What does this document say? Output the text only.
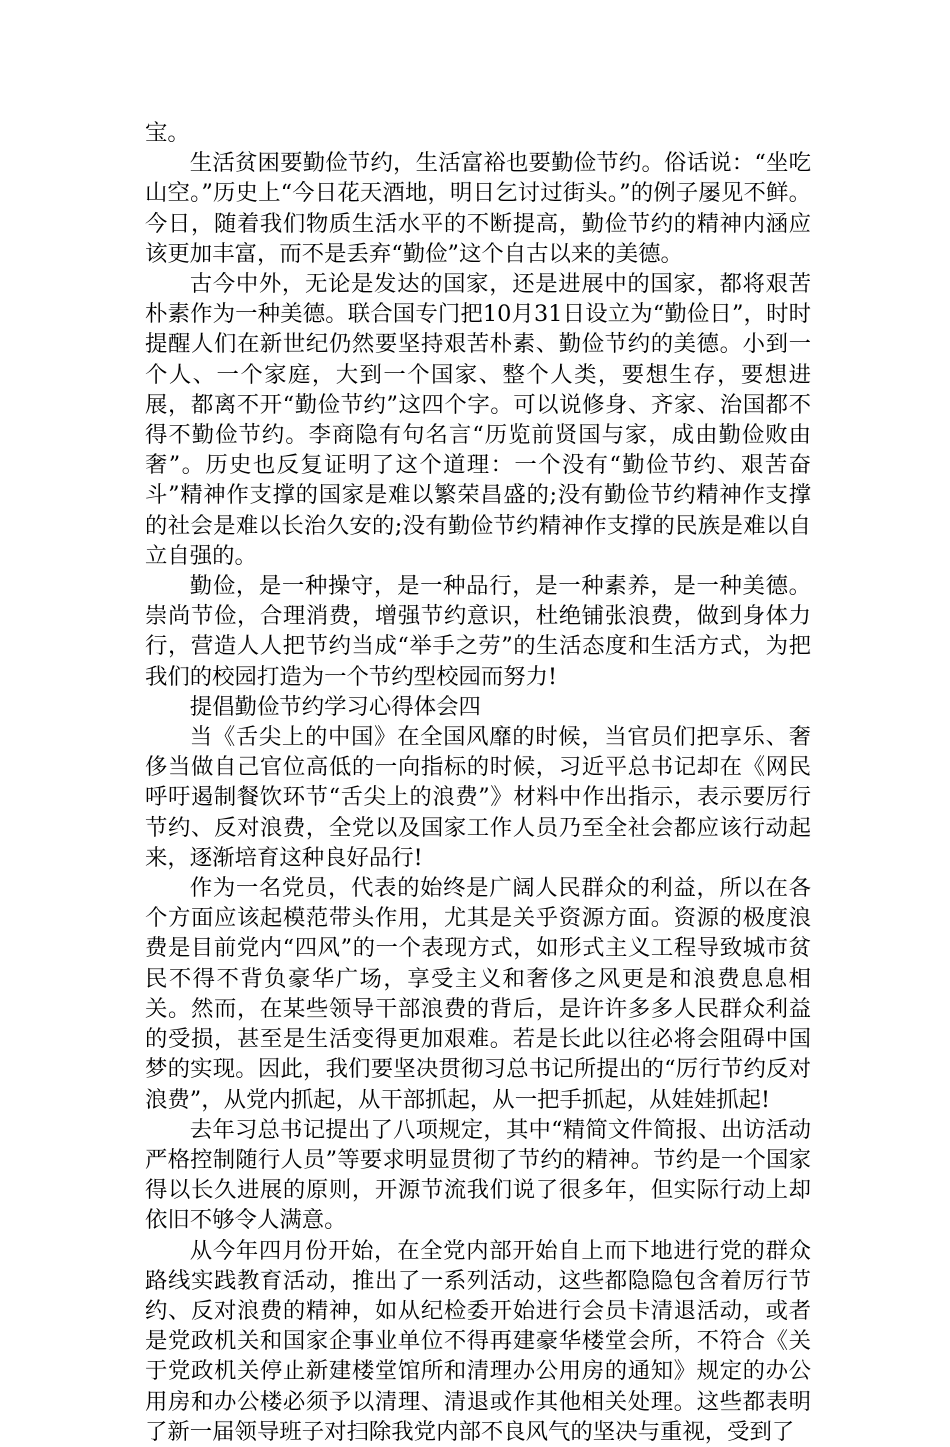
宝。

生活贫困要勤俭节约，生活富裕也要勤俭节约。俗话说：“坐吃山空。”历史上“今日花天酒地，明日乞讨过街头。”的例子屡见不鲜。今日，随着我们物质生活水平的不断提高，勤俭节约的精神内涵应该更加丰富，而不是丢弃“勤俭”这个自古以来的美德。

古今中外，无论是发达的国家，还是进展中的国家，都将艰苦朴素作为一种美德。联合国专门把10月31日设立为“勤俭日”，时时提醒人们在新世纪仍然要坚持艰苦朴素、勤俭节约的美德。小到一个人、一个家庭，大到一个国家、整个人类，要想生存，要想进展，都离不开“勤俭节约”这四个字。可以说修身、齐家、治国都不得不勤俭节约。李商隐有句名言“历览前贤国与家，成由勤俭败由奢”。历史也反复证明了这个道理：一个没有“勤俭节约、艰苦奋斗”精神作支撑的国家是难以繁荣昌盛的;没有勤俭节约精神作支撑的社会是难以长治久安的;没有勤俭节约精神作支撑的民族是难以自立自强的。

勤俭，是一种操守，是一种品行，是一种素养，是一种美德。崇尚节俭，合理消费，增强节约意识，杜绝铺张浪费，做到身体力行，营造人人把节约当成“举手之劳”的生活态度和生活方式，为把我们的校园打造为一个节约型校园而努力!

提倡勤俭节约学习心得体会四

当《舌尖上的中国》在全国风靡的时候，当官员们把享乐、奢侈当做自己官位高低的一向指标的时候，习近平总书记却在《网民呼吁遏制餐饮环节“舌尖上的浪费”》材料中作出指示，表示要厉行节约、反对浪费，全党以及国家工作人员乃至全社会都应该行动起来，逐渐培育这种良好品行!

作为一名党员，代表的始终是广阔人民群众的利益，所以在各个方面应该起模范带头作用，尤其是关乎资源方面。资源的极度浪费是目前党内“四风”的一个表现方式，如形式主义工程导致城市贫民不得不背负豪华广场，享受主义和奢侈之风更是和浪费息息相关。然而，在某些领导干部浪费的背后，是许许多多人民群众利益的受损，甚至是生活变得更加艰难。若是长此以往必将会阻碍中国梦的实现。因此，我们要坚决贯彻习总书记所提出的“厉行节约反对浪费”，从党内抓起，从干部抓起，从一把手抓起，从娃娃抓起!

去年习总书记提出了八项规定，其中“精简文件简报、出访活动严格控制随行人员”等要求明显贯彻了节约的精神。节约是一个国家得以长久进展的原则，开源节流我们说了很多年，但实际行动上却依旧不够令人满意。

从今年四月份开始，在全党内部开始自上而下地进行党的群众路线实践教育活动，推出了一系列活动，这些都隐隐包含着厉行节约、反对浪费的精神，如从纪检委开始进行会员卡清退活动，或者是党政机关和国家企事业单位不得再建豪华楼堂会所，不符合《关于党政机关停止新建楼堂馆所和清理办公用房的通知》规定的办公用房和办公楼必须予以清理、清退或作其他相关处理。这些都表明了新一届领导班子对扫除我党内部不良风气的坚决与重视，受到了
